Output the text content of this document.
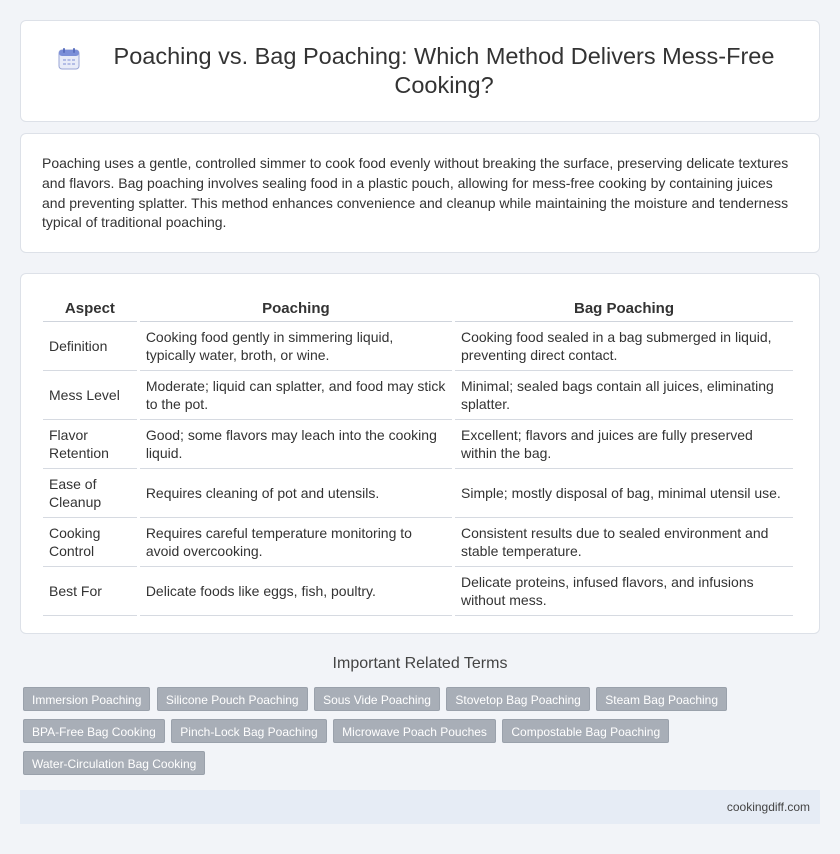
Poaching vs. Bag Poaching: Which Method Delivers Mess-Free Cooking?

Poaching uses a gentle, controlled simmer to cook food evenly without breaking the surface, preserving delicate textures and flavors. Bag poaching involves sealing food in a plastic pouch, allowing for mess-free cooking by containing juices and preventing splatter. This method enhances convenience and cleanup while maintaining the moisture and tenderness typical of traditional poaching.

Aspect	Poaching	Bag Poaching
Definition	Cooking food gently in simmering liquid, typically water, broth, or wine.	Cooking food sealed in a bag submerged in liquid, preventing direct contact.
Mess Level	Moderate; liquid can splatter, and food may stick to the pot.	Minimal; sealed bags contain all juices, eliminating splatter.
Flavor Retention	Good; some flavors may leach into the cooking liquid.	Excellent; flavors and juices are fully preserved within the bag.
Ease of Cleanup	Requires cleaning of pot and utensils.	Simple; mostly disposal of bag, minimal utensil use.
Cooking Control	Requires careful temperature monitoring to avoid overcooking.	Consistent results due to sealed environment and stable temperature.
Best For	Delicate foods like eggs, fish, poultry.	Delicate proteins, infused flavors, and infusions without mess.
Important Related Terms
Immersion Poaching Silicone Pouch Poaching Sous Vide Poaching Stovetop Bag Poaching Steam Bag Poaching BPA-Free Bag Cooking Pinch-Lock Bag Poaching Microwave Poach Pouches Compostable Bag Poaching Water-Circulation Bag Cooking
cookingdiff.com
